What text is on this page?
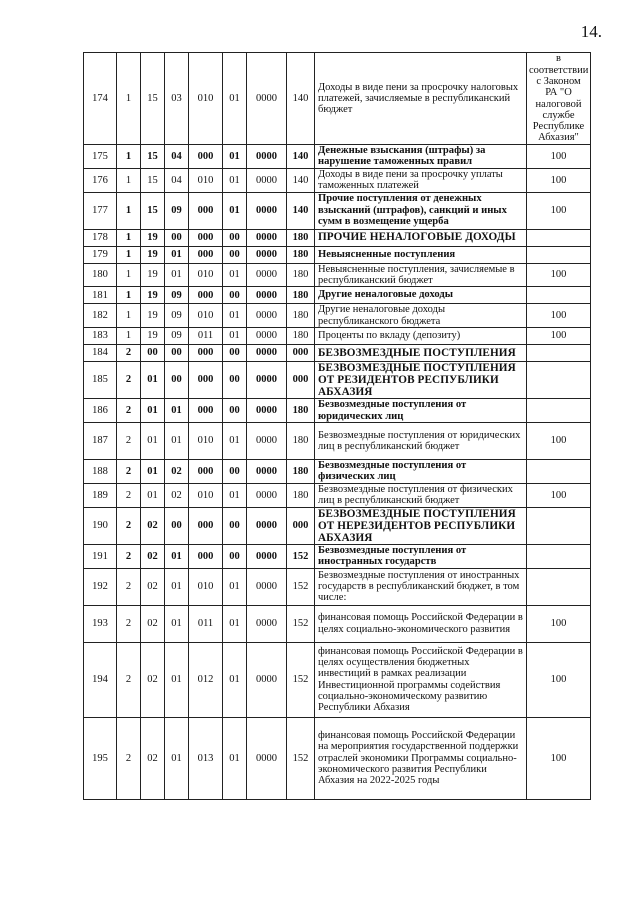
14.
174	1	15	03	010	01	0000	140	Доходы в виде пени за просрочку налоговых платежей, зачисляемые в республиканский бюджет	в соответствии с Законом РА "О налоговой службе Республике Абхазия"
175	1	15	04	000	01	0000	140	Денежные взыскания (штрафы) за нарушение таможенных правил	100
176	1	15	04	010	01	0000	140	Доходы в виде пени за просрочку уплаты таможенных платежей	100
177	1	15	09	000	01	0000	140	Прочие поступления от денежных взысканий (штрафов), санкций и иных сумм в возмещение ущерба	100
178	1	19	00	000	00	0000	180	ПРОЧИЕ НЕНАЛОГОВЫЕ ДОХОДЫ	
179	1	19	01	000	00	0000	180	Невыясненные поступления	
180	1	19	01	010	01	0000	180	Невыясненные поступления, зачисляемые в республиканский бюджет	100
181	1	19	09	000	00	0000	180	Другие неналоговые доходы	
182	1	19	09	010	01	0000	180	Другие неналоговые доходы республиканского бюджета	100
183	1	19	09	011	01	0000	180	Проценты по вкладу (депозиту)	100
184	2	00	00	000	00	0000	000	БЕЗВОЗМЕЗДНЫЕ ПОСТУПЛЕНИЯ	
185	2	01	00	000	00	0000	000	БЕЗВОЗМЕЗДНЫЕ ПОСТУПЛЕНИЯ ОТ РЕЗИДЕНТОВ РЕСПУБЛИКИ АБХАЗИЯ	
186	2	01	01	000	00	0000	180	Безвозмездные поступления от юридических лиц	
187	2	01	01	010	01	0000	180	Безвозмездные поступления от юридических лиц в республиканский бюджет	100
188	2	01	02	000	00	0000	180	Безвозмездные поступления от физических лиц	
189	2	01	02	010	01	0000	180	Безвозмездные поступления от физических лиц в республиканский бюджет	100
190	2	02	00	000	00	0000	000	БЕЗВОЗМЕЗДНЫЕ ПОСТУПЛЕНИЯ ОТ НЕРЕЗИДЕНТОВ РЕСПУБЛИКИ АБХАЗИЯ	
191	2	02	01	000	00	0000	152	Безвозмездные поступления от иностранных государств	
192	2	02	01	010	01	0000	152	Безвозмездные поступления от иностранных государств в республиканский бюджет, в том числе:	
193	2	02	01	011	01	0000	152	финансовая помощь Российской Федерации в целях социально-экономического развития	100
194	2	02	01	012	01	0000	152	финансовая помощь Российской Федерации в целях осуществления бюджетных инвестиций в рамках реализации Инвестиционной программы содействия социально-экономическому развитию Республики Абхазия	100
195	2	02	01	013	01	0000	152	финансовая помощь Российской Федерации на мероприятия государственной поддержки отраслей экономики Программы социально-экономического развития Республики Абхазия на 2022-2025 годы	100
